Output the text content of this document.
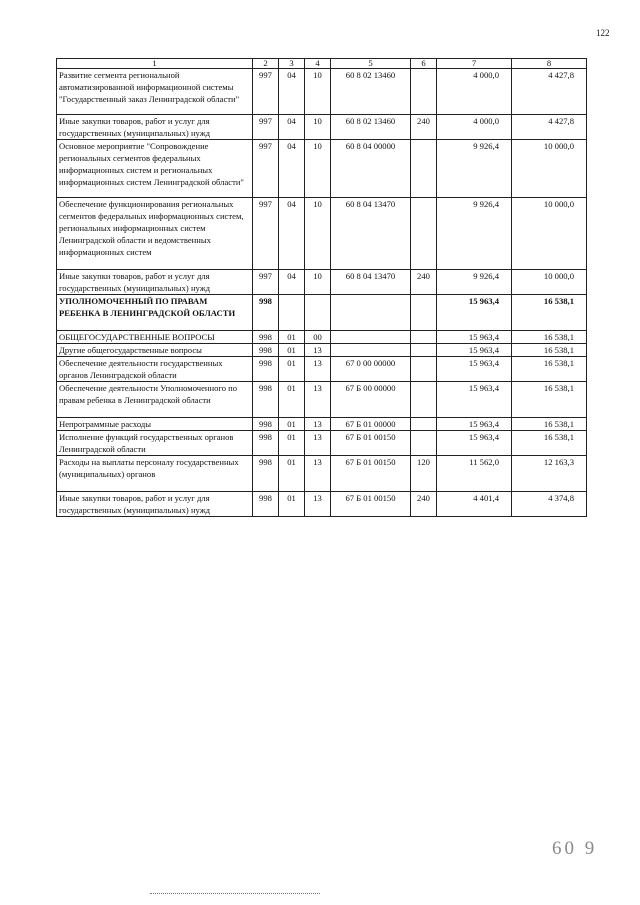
122
1	2	3	4	5	6	7	8
Развитие сегмента региональной автоматизированной информационной системы "Государственный заказ Ленинградской области"	997	04	10	60 8 02 13460		4 000,0	4 427,8
Иные закупки товаров, работ и услуг для государственных (муниципальных) нужд	997	04	10	60 8 02 13460	240	4 000,0	4 427,8
Основное мероприятие "Сопровождение региональных сегментов федеральных информационных систем и региональных информационных систем Ленинградской области"	997	04	10	60 8 04 00000		9 926,4	10 000,0
Обеспечение функционирования региональных сегментов федеральных информационных систем, региональных информационных систем Ленинградской области и ведомственных информационных систем	997	04	10	60 8 04 13470		9 926,4	10 000,0
Иные закупки товаров, работ и услуг для государственных (муниципальных) нужд	997	04	10	60 8 04 13470	240	9 926,4	10 000,0
УПОЛНОМОЧЕННЫЙ ПО ПРАВАМ РЕБЕНКА В ЛЕНИНГРАДСКОЙ ОБЛАСТИ	998					15 963,4	16 538,1
ОБЩЕГОСУДАРСТВЕННЫЕ ВОПРОСЫ	998	01	00			15 963,4	16 538,1
Другие общегосударственные вопросы	998	01	13			15 963,4	16 538,1
Обеспечение деятельности государственных органов Ленинградской области	998	01	13	67 0 00 00000		15 963,4	16 538,1
Обеспечение деятельности Уполномоченного по правам ребенка в Ленинградской области	998	01	13	67 Б 00 00000		15 963,4	16 538,1
Непрограммные расходы	998	01	13	67 Б 01 00000		15 963,4	16 538,1
Исполнение функций государственных органов Ленинградской области	998	01	13	67 Б 01 00150		15 963,4	16 538,1
Расходы на выплаты персоналу государственных (муниципальных) органов	998	01	13	67 Б 01 00150	120	11 562,0	12 163,3
Иные закупки товаров, работ и услуг для государственных (муниципальных) нужд	998	01	13	67 Б 01 00150	240	4 401,4	4 374,8
60 9
